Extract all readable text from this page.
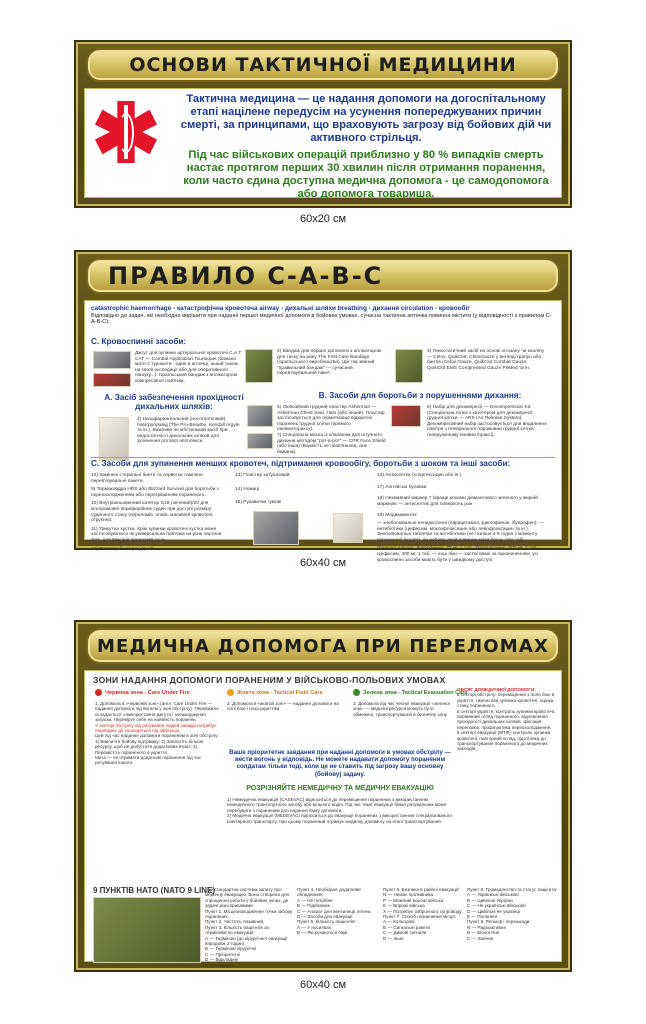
ОСНОВИ ТАКТИЧНОЇ МЕДИЦИНИ

Тактична медицина — це надання допомоги на догоспітальному етапі націлене передусім на усунення попереджуваних причин смерті, за принципами, що враховують загрозу від бойових дій чи активного стрільця.

Під час військових операцій приблизно у 80 % випадків смерть настає протягом перших 30 хвилин після отримання поранення, коли часто єдина доступна медична допомога - це самодопомога або допомога товариша.

60x20 см
ПРАВИЛО С-А-В-С
catastrophic haemorrhage - катастрофічна кровотеча airway - дихальні шляхи breathing - дихання circulation - кровообіг
Відповідно до задач, які необхідно вирішити при наданні першої медичної допомоги в бойових умовах, сучасна тактична аптечка повинна містити (у відповідності з правилом С-А-В-С):
С. Кровоспинні засоби:
Джгут для зупинки артеріальної кровотечі С.А.Т. CAT — Combat Application Tourniquet (бажано мати 2 турнікети - один в аптечці, інший також на своїй експедиції або для оперативного пошуку...). Ізраїльський бандаж з аплікатором компресійної пов'язки.
А. Засіб забезпечення прохідності дихальних шляхів:
4) Назофарингеальний (носоглотковий) повітропровід (The Pro-Breathe, Kendall Argyle та ін.). Важливо не кібстенький засіб при недостатності дихальних шляхів для зупинення ротової апоплекси.
2) Бандаж для першої допомоги з аплікатором для тиску на рану The First Care Bandage (ізраїльського виробництва). Ще так званий "правильний бандаж" — сучасний перев'язувальний пакет.
3) Гемостатичний засіб на основі хітозану чи каоліну — Celox, QuikClot, ChitoGauze у вигляді гранул або бинтів (Celox Gauze, QuikClot Combat Gauze, QuikClot EMS Compressed Gauze PriMed та ін.
В. Засоби для боротьби з порушеннями дихання:
5) Оклюзійний грудний пластир Asherman — Asherman Chest Seal, Halo (або інший). Пластир застосовується для герметизації відкритих поранень грудної клітки (прямого пневмотораксу).
6) Набір для декомпресії — Decompression Kit. (Спеціальна голка з катетером для декомпресії грудної клітки — ARS (Air Release System). Декомпресійний набір застосовується для видалення повітря з плевральної порожнини грудної клітки (напруженому пневмотораксі).
7) Спеціальна маска із клапаном для штучного дихання методом "рот-в-рот" — CPR Face Shield (або інша) (Важкість не обов'язкова, але бажана).
С. Засоби для зупинення менших кровотеч, підтримання кровообігу, боротьби з шоком та інші засоби:
10) Замінені стерильні бинти та серветки тампони перев'язувальні пакети.
9) Термоковдра HRS або Blizzard Survival для боротьби з переохолодженням або перегріванням пораненого.
10) Внутрішньовенний катетер G18 (зелений)/20 для кілограмової периферійних судин при доступі розміру судинного стану (переломів, опіків, масивній кровотечі, отруєнні).
11) Трикутна хустка. Крім зупинки кровотечі хустка може застосовуватися як універсальна пов'язка на різні частини тіла, для фіксації переломів та ін.
12) Пластир бактерицидний.
13) Пластир котушковий.
14) Ножиці
15) Рукавички гумові
16) Антисептик (хлоргексидин або ін.)
17) Англійські булавки
18) Незмивний маркер ? (краще роками діамантового зеленого у жирній маркерів — антисептик для поверхонь ран
19) Медикаменти:
— знеболювальні ненаркотичні (парацетамол, диклофенак, ібупрофен); — антибіотики (цефіксим, моксифлоксацин або левофлоксацин та ін.). Знеболювальні таблетки та антибіотики (не пізніше 4-6 годин з моменту поранення) входять до набору, який повинен мати боєць при собі.
Приклад набору: Диклофенак, 75 мг, 1 таб.; Парацетамол, 500 мг, 2 таб.; Цефіксим, 400 мг, 1 таб. — інші ліки — застосовані за призначенням; усі кровоспинні засоби мають бути у швидкому доступі.
60x40 см
МЕДИЧНА ДОПОМОГА ПРИ ПЕРЕЛОМАХ
ЗОНИ НАДАННЯ ДОПОМОГИ ПОРАНЕНИМ У ВІЙСЬКОВО-ПОЛЬОВИХ УМОВАХ
Червона зона - Care Under Fire	Жовта зона - Tactical Field Care	Зелена зона - Tactical Evacuation Care
1. Допомога в «червоній зоні» (англ. Care Under Fire — надання допомоги під вогнем у зоні обстрілу). Переважно складається з використання джгута і знешкодження загрози. Перевірте себе на наявність поранень.
У секторі обстрілу хід рятування людей завжди потребує перевірки; дії знаходяться під загрозою.
Цей під час надання допомоги пораненим в зоні обстрілу: 1) Викличте бойову підтримку; 2) Заплатіть більше ресурсу, щоб не допустити додаткових втрат; 3) Перемістіть пораненого в укриття.
Мета — не отримати додаткові поранення під час рятування іншого.
2. Допомога в «жовтій зоні» — надання допомоги на полі бою і поза укриттям.
3. Допомога під час чесної евакуації «зеленої зоні» — медичні ресурси можуть бути обмежені, транспортування в безпечну зону.
ОБСЯГ ДОМЕДИЧНОЇ ДОПОМОГИ:
в секторі обстрілу: переміщення з поля бою в укриття, тимчасова зупинка кровотечі, оцінка стану пораненого.
в секторі укриття: контроль зупинки кровотечі, первинний огляд пораненого, відновлення прохідності дихальних шляхів, фіксація переломів, профілактика переохолодження.
в секторі евакуації (МТФ): контроль зупинки кровотечі, повторний огляд, підготовка до транспортування пораненого до медичних закладів.
Ваше пріоритетне завдання при наданні допомоги в умовах обстрілу — вести вогонь у відповідь. Не можете надавати допомогу пораненим солдатам тільки тоді, коли це не ставить під загрозу вашу основну (бойову) задачу.
РОЗРІЗНЯЙТЕ НЕМЕДИЧНУ ТА МЕДИЧНУ ЕВАКУАЦІЮ
1) Немедична евакуація (CASEVAC) відноситься до переміщення поранених з використанням немедичного транспортного засобу або вільного водія. Під час такої евакуації бійця рятувальник може перебувати з пораненим для надання йому допомоги.
2) Медична евакуація (MEDEVAC) відноситься до евакуації поранених з використанням спеціалізованого санітарного транспорту, при цьому поранений отримує медичну допомогу на етапі транспортування.
9 ПУНКТІВ НАТО (NATO 9 LINE)
- це стандартна система запиту про медичну евакуацію. Вона створена для спрощення роботи у бойових зонах, де задачі різні кривавими.
Пункт 1. Місцезнаходження точки забору поранених.
Пункт 2. Частота, позивний.
Пункт 3. Кількість пацієнтів за терміновістю евакуації:
А — Термінові (до хірургічної евакуації впродовж 2 годин)
В — Термінові хірургічні
С — Пріоритетні
D — Відкладені
Е — Незначні
Пункт 4. Необхідне додаткове обладнання:
А — Не потрібне
В — Підйомник
С — Апарат для вентиляції легень
D — Засоби для евакуації
Пункт 5. Кількість пацієнтів:
А — У носилках
В — Які рухаються самі
Пункт 6. Безпека в районі евакуації:
N — Немає противника
P — Можливі ворожі війська
E — Ворожі війська
X — Потребує озброєного супроводу
Пункт 7. Спосіб позначення місця:
А — Кольорові
В — Сигнальні ракети
С — Димові сигнали
D — Інше
Пункт 8. Громадянство та статус пацієнта:
А — Українські військові
В — Цивільні України
С — Не українські військові
D — Цивільні не українці
Е — Полонені
Пункт 9. Рельєф і перешкоди:
N — Радіоактивне
В — Біологічне
С — Хімічне
60x40 см
